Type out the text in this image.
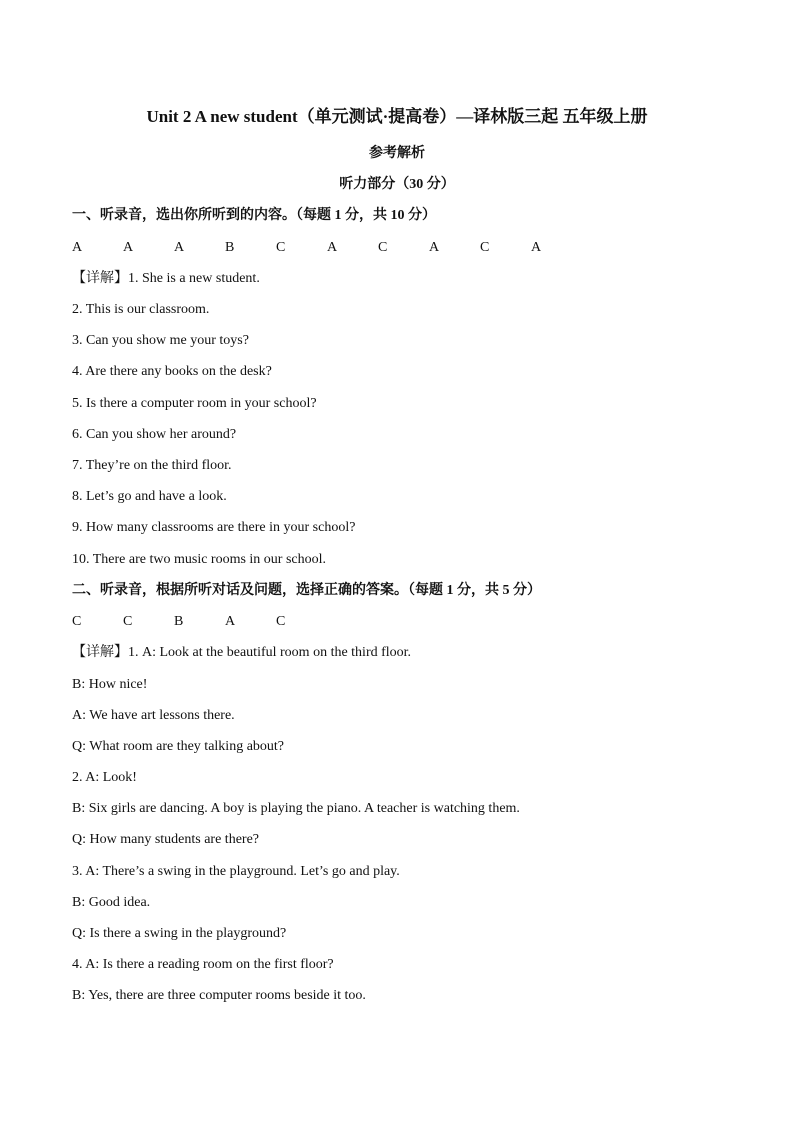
Unit 2 A new student（单元测试·提高卷）—译林版三起 五年级上册
参考解析
听力部分（30 分）
一、听录音，选出你所听到的内容。（每题 1 分，共 10 分）
A	A	A	B	C	A	C	A	C	A
【详解】1. She is a new student.
2. This is our classroom.
3. Can you show me your toys?
4. Are there any books on the desk?
5. Is there a computer room in your school?
6. Can you show her around?
7. They’re on the third floor.
8. Let’s go and have a look.
9. How many classrooms are there in your school?
10. There are two music rooms in our school.
二、听录音，根据所听对话及问题，选择正确的答案。（每题 1 分，共 5 分）
C	C	B	A	C
【详解】1. A: Look at the beautiful room on the third floor.
B: How nice!
A: We have art lessons there.
Q: What room are they talking about?
2. A: Look!
B: Six girls are dancing. A boy is playing the piano. A teacher is watching them.
Q: How many students are there?
3. A: There’s a swing in the playground. Let’s go and play.
B: Good idea.
Q: Is there a swing in the playground?
4. A: Is there a reading room on the first floor?
B: Yes, there are three computer rooms beside it too.
